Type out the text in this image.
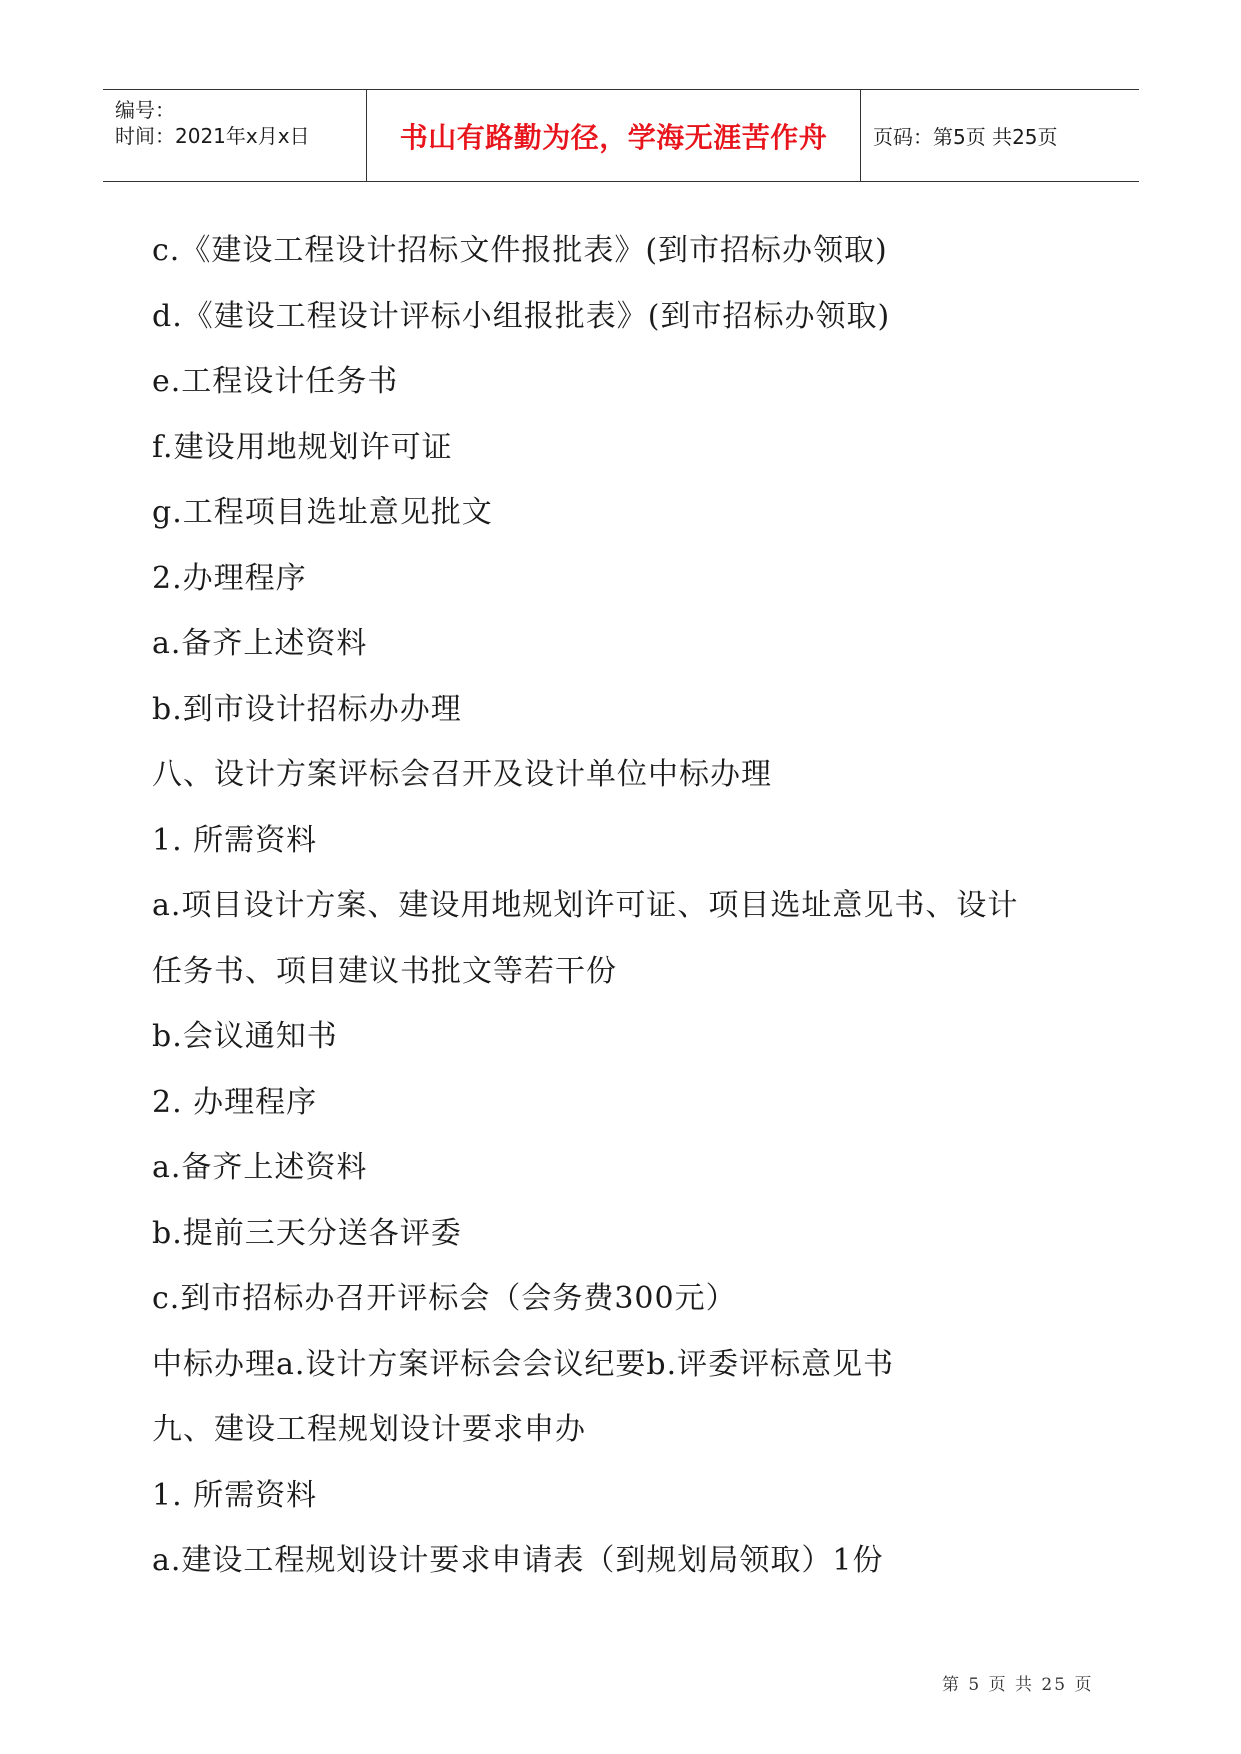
编号：
时间：2021年x月x日	书山有路勤为径，学海无涯苦作舟 页码：第5页 共25页
c.《建设工程设计招标文件报批表》(到市招标办领取)
d.《建设工程设计评标小组报批表》(到市招标办领取)
e.工程设计任务书
f.建设用地规划许可证
g.工程项目选址意见批文
2.办理程序
a.备齐上述资料
b.到市设计招标办办理
八、设计方案评标会召开及设计单位中标办理
1. 所需资料
a.项目设计方案、建设用地规划许可证、项目选址意见书、设计
任务书、项目建议书批文等若干份
b.会议通知书
2. 办理程序
a.备齐上述资料
b.提前三天分送各评委
c.到市招标办召开评标会（会务费300元）
中标办理a.设计方案评标会会议纪要b.评委评标意见书
九、建设工程规划设计要求申办
1. 所需资料
a.建设工程规划设计要求申请表（到规划局领取）1份
第 5 页 共 25 页
